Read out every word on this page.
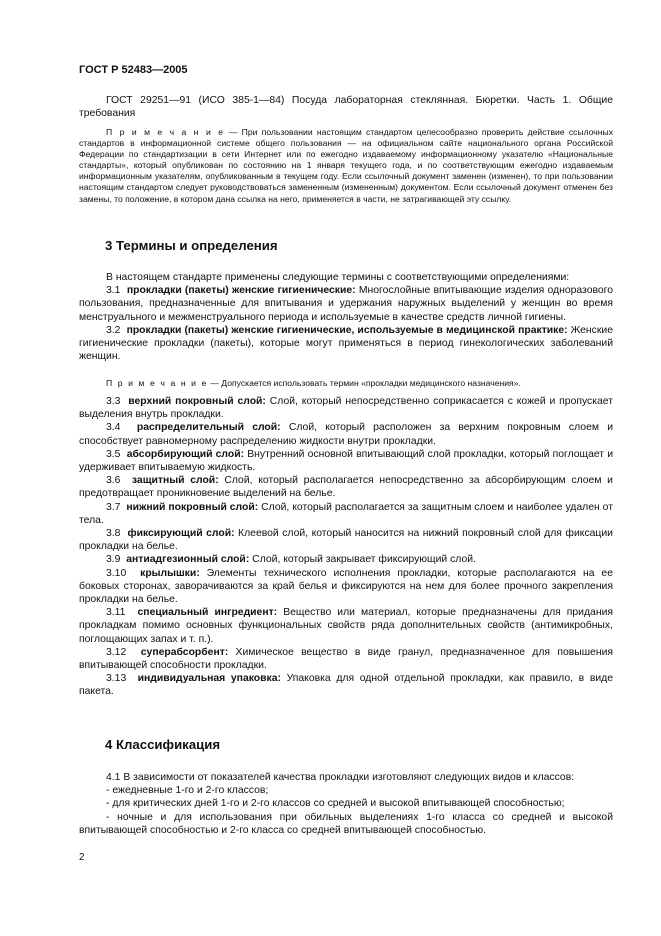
ГОСТ Р 52483—2005

ГОСТ 29251—91 (ИСО 385-1—84) Посуда лабораторная стеклянная. Бюретки. Часть 1. Общие требования

П р и м е ч а н и е — При пользовании настоящим стандартом целесообразно проверить действие ссылочных стандартов в информационной системе общего пользования — на официальном сайте национального органа Российской Федерации по стандартизации в сети Интернет или по ежегодно издаваемому информационному указателю «Национальные стандарты», который опубликован по состоянию на 1 января текущего года, и по соответствующим ежегодно издаваемым информационным указателям, опубликованным в текущем году. Если ссылочный документ заменен (изменен), то при пользовании настоящим стандартом следует руководствоваться замененным (измененным) документом. Если ссылочный документ отменен без замены, то положение, в котором дана ссылка на него, применяется в части, не затрагивающей эту ссылку.

3 Термины и определения

В настоящем стандарте применены следующие термины с соответствующими определениями:

3.1 прокладки (пакеты) женские гигиенические: Многослойные впитывающие изделия одноразового пользования, предназначенные для впитывания и удержания наружных выделений у женщин во время менструального и межменструального периода и используемые в качестве средств личной гигиены.

3.2 прокладки (пакеты) женские гигиенические, используемые в медицинской практике: Женские гигиенические прокладки (пакеты), которые могут применяться в период гинекологических заболеваний женщин.

П р и м е ч а н и е — Допускается использовать термин «прокладки медицинского назначения».

3.3 верхний покровный слой: Слой, который непосредственно соприкасается с кожей и пропускает выделения внутрь прокладки.

3.4 распределительный слой: Слой, который расположен за верхним покровным слоем и способствует равномерному распределению жидкости внутри прокладки.

3.5 абсорбирующий слой: Внутренний основной впитывающий слой прокладки, который поглощает и удерживает впитываемую жидкость.

3.6 защитный слой: Слой, который располагается непосредственно за абсорбирующим слоем и предотвращает проникновение выделений на белье.

3.7 нижний покровный слой: Слой, который располагается за защитным слоем и наиболее удален от тела.

3.8 фиксирующий слой: Клеевой слой, который наносится на нижний покровный слой для фиксации прокладки на белье.

3.9 антиадгезионный слой: Слой, который закрывает фиксирующий слой.

3.10 крылышки: Элементы технического исполнения прокладки, которые располагаются на ее боковых сторонах, заворачиваются за край белья и фиксируются на нем для более прочного закрепления прокладки на белье.

3.11 специальный ингредиент: Вещество или материал, которые предназначены для придания прокладкам помимо основных функциональных свойств ряда дополнительных свойств (антимикробных, поглощающих запах и т. п.).

3.12 суперабсорбент: Химическое вещество в виде гранул, предназначенное для повышения впитывающей способности прокладки.

3.13 индивидуальная упаковка: Упаковка для одной отдельной прокладки, как правило, в виде пакета.

4 Классификация

4.1 В зависимости от показателей качества прокладки изготовляют следующих видов и классов:

- ежедневные 1-го и 2-го классов;

- для критических дней 1-го и 2-го классов со средней и высокой впитывающей способностью;

- ночные и для использования при обильных выделениях 1-го класса со средней и высокой впитывающей способностью и 2-го класса со средней впитывающей способностью.

2
